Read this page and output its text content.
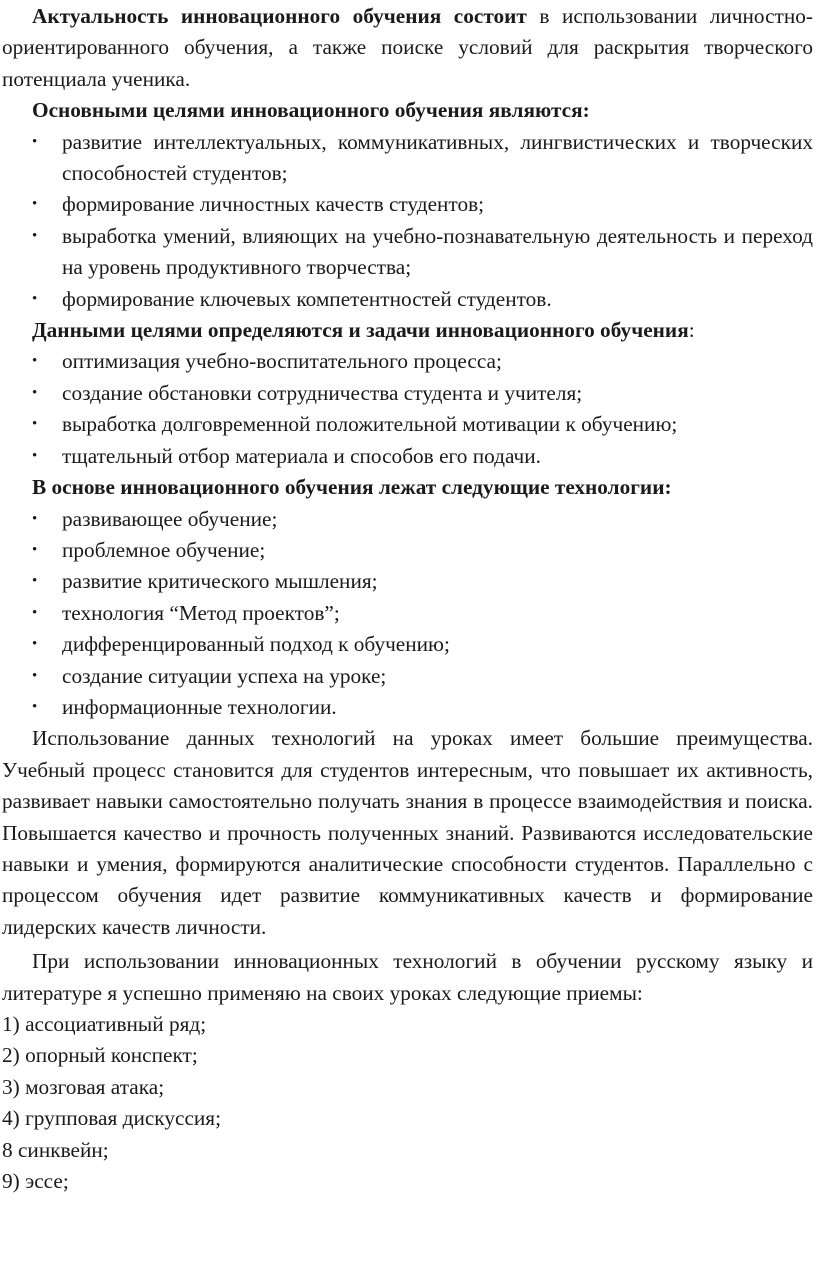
Актуальность инновационного обучения состоит в использовании личностно-ориентированного обучения, а также поиске условий для раскрытия творческого потенциала ученика.

Основными целями инновационного обучения являются:

• развитие интеллектуальных, коммуникативных, лингвистических и творческих способностей студентов;
• формирование личностных качеств студентов;
• выработка умений, влияющих на учебно-познавательную деятельность и переход на уровень продуктивного творчества;
• формирование ключевых компетентностей студентов.

Данными целями определяются и задачи инновационного обучения:

• оптимизация учебно-воспитательного процесса;
• создание обстановки сотрудничества студента и учителя;
• выработка долговременной положительной мотивации к обучению;
• тщательный отбор материала и способов его подачи.

В основе инновационного обучения лежат следующие технологии:

• развивающее обучение;
• проблемное обучение;
• развитие критического мышления;
• технология “Метод проектов”;
• дифференцированный подход к обучению;
• создание ситуации успеха на уроке;
• информационные технологии.

Использование данных технологий на уроках имеет большие преимущества. Учебный процесс становится для студентов интересным, что повышает их активность, развивает навыки самостоятельно получать знания в процессе взаимодействия и поиска. Повышается качество и прочность полученных знаний. Развиваются исследовательские навыки и умения, формируются аналитические способности студентов. Параллельно с процессом обучения идет развитие коммуникативных качеств и формирование лидерских качеств личности.

При использовании инновационных технологий в обучении русскому языку и литературе я успешно применяю на своих уроках следующие приемы:

1) ассоциативный ряд;
2) опорный конспект;
3) мозговая атака;
4) групповая дискуссия;
8 синквейн;
9) эссе;
